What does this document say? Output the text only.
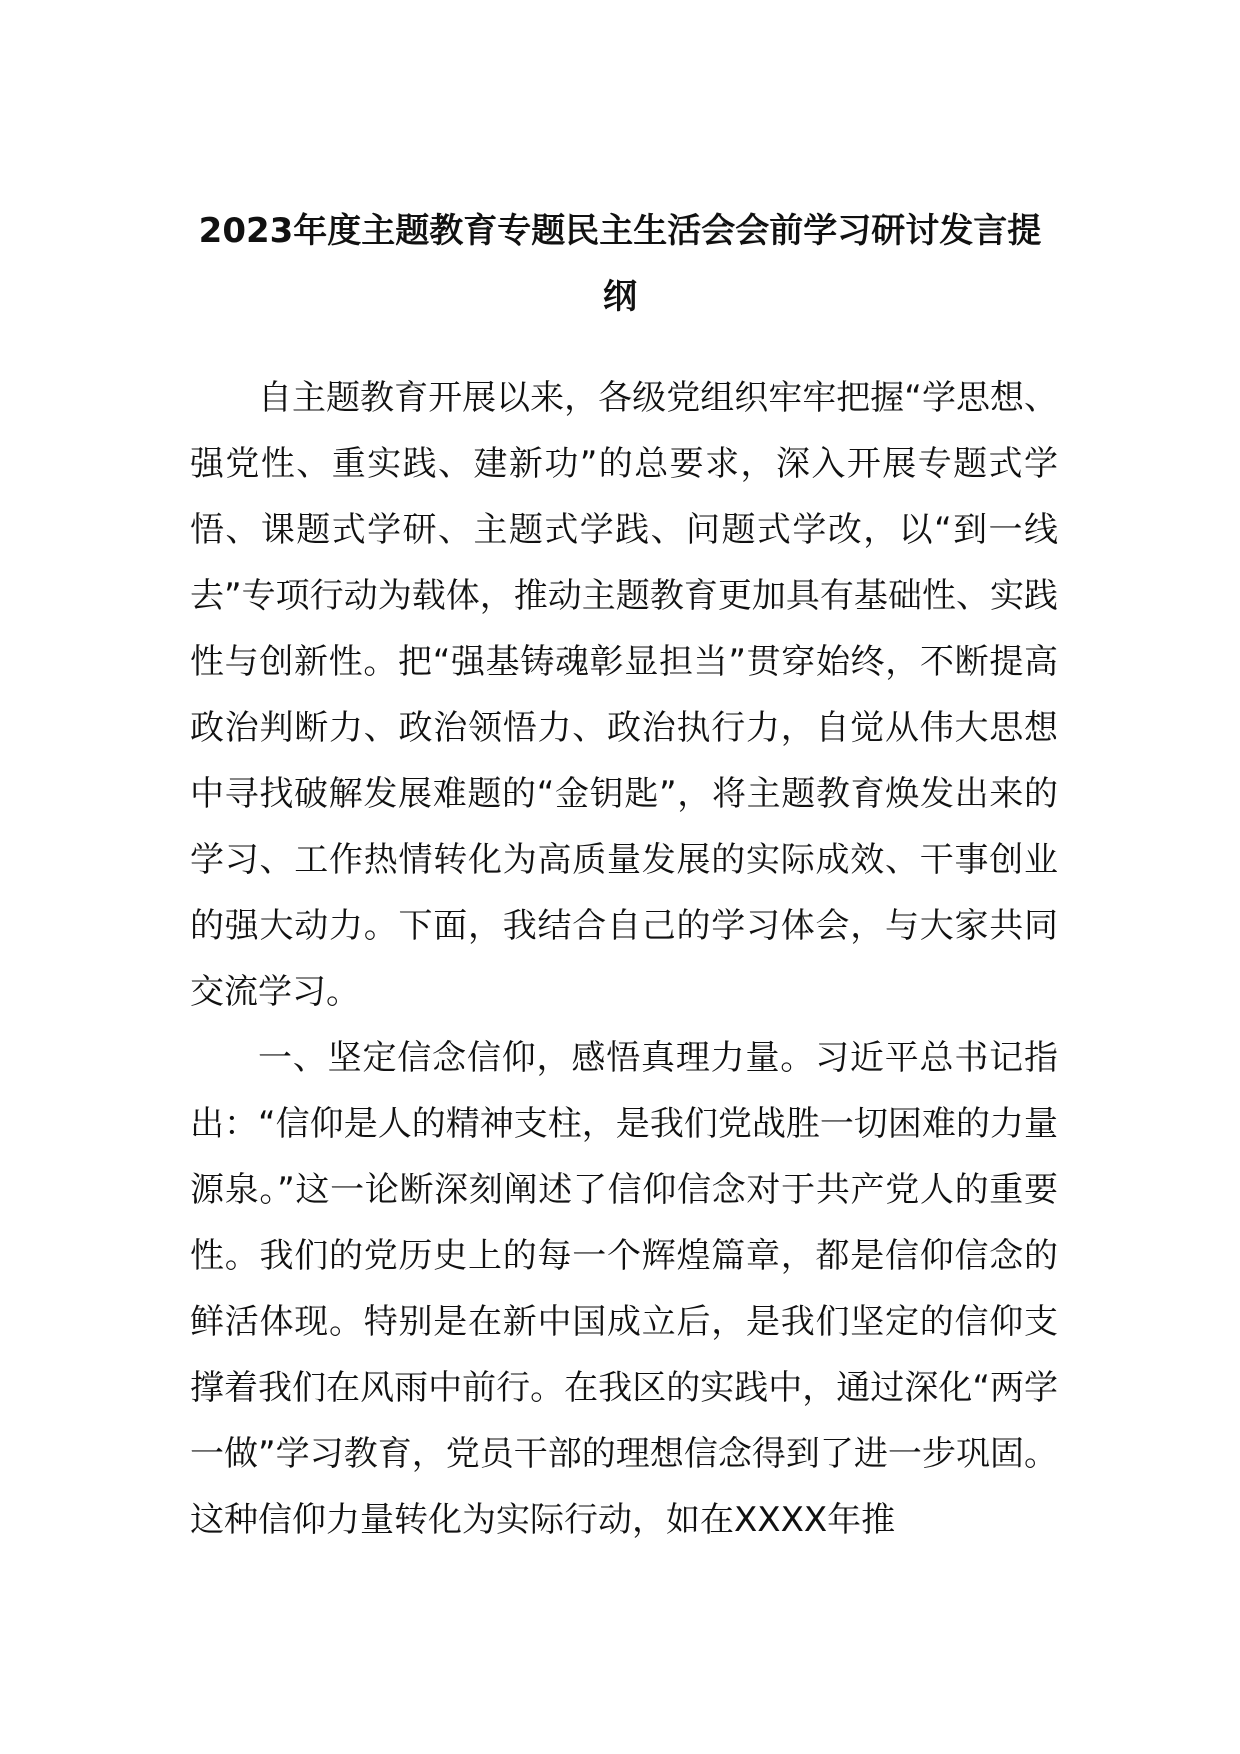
2023年度主题教育专题民主生活会会前学习研讨发言提纲

自主题教育开展以来，各级党组织牢牢把握“学思想、强党性、重实践、建新功”的总要求，深入开展专题式学悟、课题式学研、主题式学践、问题式学改，以“到一线去”专项行动为载体，推动主题教育更加具有基础性、实践性与创新性。把“强基铸魂彰显担当”贯穿始终，不断提高政治判断力、政治领悟力、政治执行力，自觉从伟大思想中寻找破解发展难题的“金钥匙”，将主题教育焕发出来的学习、工作热情转化为高质量发展的实际成效、干事创业的强大动力。下面，我结合自己的学习体会，与大家共同交流学习。

一、坚定信念信仰，感悟真理力量。习近平总书记指出：“信仰是人的精神支柱，是我们党战胜一切困难的力量源泉。”这一论断深刻阐述了信仰信念对于共产党人的重要性。我们的党历史上的每一个辉煌篇章，都是信仰信念的鲜活体现。特别是在新中国成立后，是我们坚定的信仰支撑着我们在风雨中前行。在我区的实践中，通过深化“两学一做”学习教育，党员干部的理想信念得到了进一步巩固。这种信仰力量转化为实际行动，如在XXXX年推
